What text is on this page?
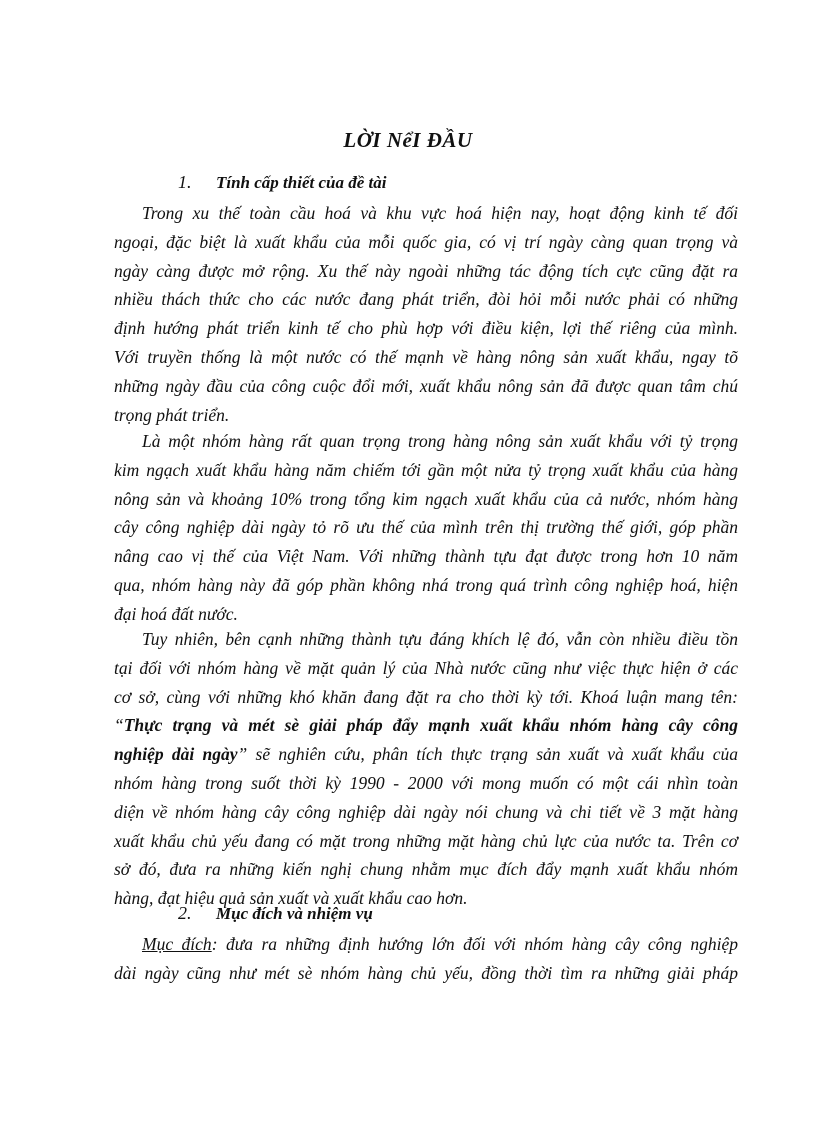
LỜI NểI ĐẦU
1. Tính cấp thiết của đề tài

Trong xu thế toàn cầu hoá và khu vực hoá hiện nay, hoạt động kinh tế đối
ngoại, đặc biệt là xuất khẩu của mỗi quốc gia, có vị trí ngày càng quan trọng và
ngày càng được mở rộng. Xu thế này ngoài những tác động tích cực cũng đặt ra
nhiều thách thức cho các nước đang phát triển, đòi hỏi mỗi nước phải có những
định hướng phát triển kinh tế cho phù hợp với điều kiện, lợi thế riêng của mình.
Với truyền thống là một nước có thế mạnh về hàng nông sản xuất khẩu, ngay tõ
những ngày đầu của công cuộc đổi mới, xuất khẩu nông sản đã được quan tâm chú
trọng phát triển.

Là một nhóm hàng rất quan trọng trong hàng nông sản xuất khẩu với tỷ trọng
kim ngạch xuất khẩu hàng năm chiếm tới gần một nửa tỷ trọng xuất khẩu của hàng
nông sản và khoảng 10% trong tổng kim ngạch xuất khẩu của cả nước, nhóm hàng
cây công nghiệp dài ngày tỏ rõ ưu thế của mình trên thị trường thế giới, góp phần
nâng cao vị thế của Việt Nam. Với những thành tựu đạt được trong hơn 10 năm
qua, nhóm hàng này đã góp phần không nhá trong quá trình công nghiệp hoá, hiện
đại hoá đất nước.

Tuy nhiên, bên cạnh những thành tựu đáng khích lệ đó, vẫn còn nhiều điều tồn
tại đối với nhóm hàng về mặt quản lý của Nhà nước cũng như việc thực hiện ở các
cơ sở, cùng với những khó khăn đang đặt ra cho thời kỳ tới. Khoá luận mang tên:
“Thực trạng và mét sè giải pháp đẩy mạnh xuất khẩu nhóm hàng cây công
nghiệp dài ngày” sẽ nghiên cứu, phân tích thực trạng sản xuất và xuất khẩu của
nhóm hàng trong suốt thời kỳ 1990 - 2000 với mong muốn có một cái nhìn toàn
diện về nhóm hàng cây công nghiệp dài ngày nói chung và chi tiết về 3 mặt hàng
xuất khẩu chủ yếu đang có mặt trong những mặt hàng chủ lực của nước ta. Trên cơ
sở đó, đưa ra những kiến nghị chung nhằm mục đích đẩy mạnh xuất khẩu nhóm
hàng, đạt hiệu quả sản xuất và xuất khẩu cao hơn.

2. Mục đích và nhiệm vụ

Mục đích: đưa ra những định hướng lớn đối với nhóm hàng cây công nghiệp
dài ngày cũng như mét sè nhóm hàng chủ yếu, đồng thời tìm ra những giải pháp
